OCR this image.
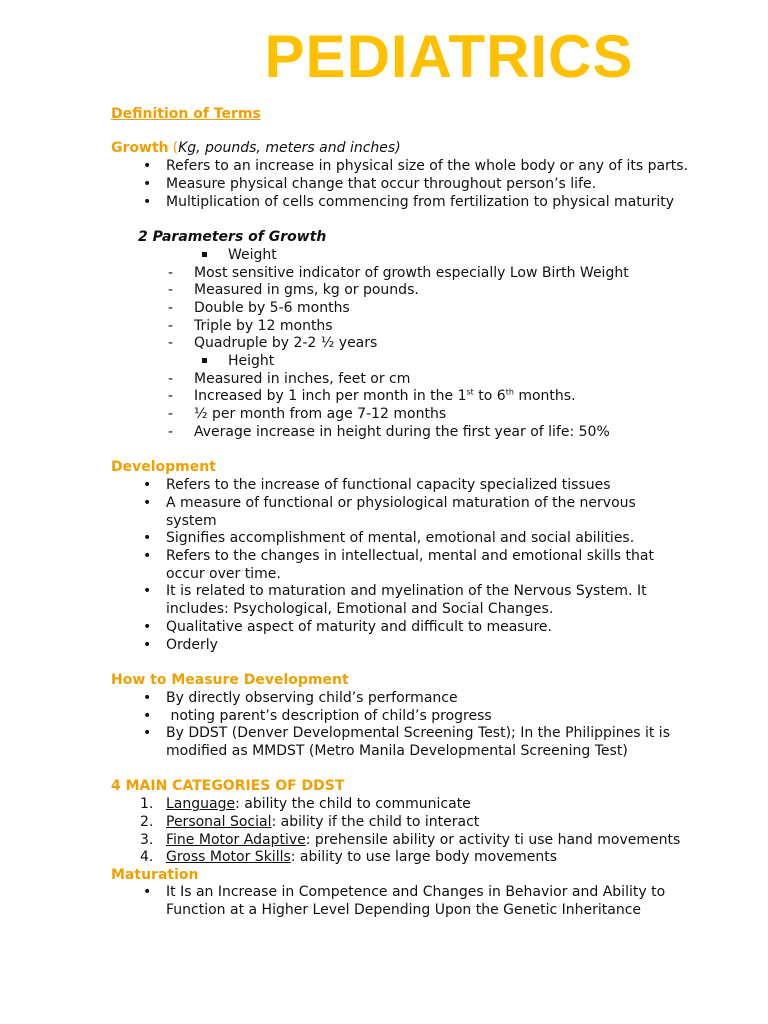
PEDIATRICS
Definition of Terms
Growth (Kg, pounds, meters and inches)
• Refers to an increase in physical size of the whole body or any of its parts.
• Measure physical change that occur throughout person’s life.
• Multiplication of cells commencing from fertilization to physical maturity
2 Parameters of Growth
Weight
- Most sensitive indicator of growth especially Low Birth Weight
- Measured in gms, kg or pounds.
- Double by 5-6 months
- Triple by 12 months
- Quadruple by 2-2 ½ years
Height
- Measured in inches, feet or cm
- Increased by 1 inch per month in the 1st to 6th months.
- ½ per month from age 7-12 months
- Average increase in height during the first year of life: 50%
Development
• Refers to the increase of functional capacity specialized tissues
• A measure of functional or physiological maturation of the nervous
system
• Signifies accomplishment of mental, emotional and social abilities.
• Refers to the changes in intellectual, mental and emotional skills that
occur over time.
• It is related to maturation and myelination of the Nervous System. It
includes: Psychological, Emotional and Social Changes.
• Qualitative aspect of maturity and difficult to measure.
• Orderly
How to Measure Development
• By directly observing child’s performance
• noting parent’s description of child’s progress
• By DDST (Denver Developmental Screening Test); In the Philippines it is
modified as MMDST (Metro Manila Developmental Screening Test)
4 MAIN CATEGORIES OF DDST
1. Language: ability the child to communicate
2. Personal Social: ability if the child to interact
3. Fine Motor Adaptive: prehensile ability or activity ti use hand movements
4. Gross Motor Skills: ability to use large body movements
Maturation
• It Is an Increase in Competence and Changes in Behavior and Ability to
Function at a Higher Level Depending Upon the Genetic Inheritance
